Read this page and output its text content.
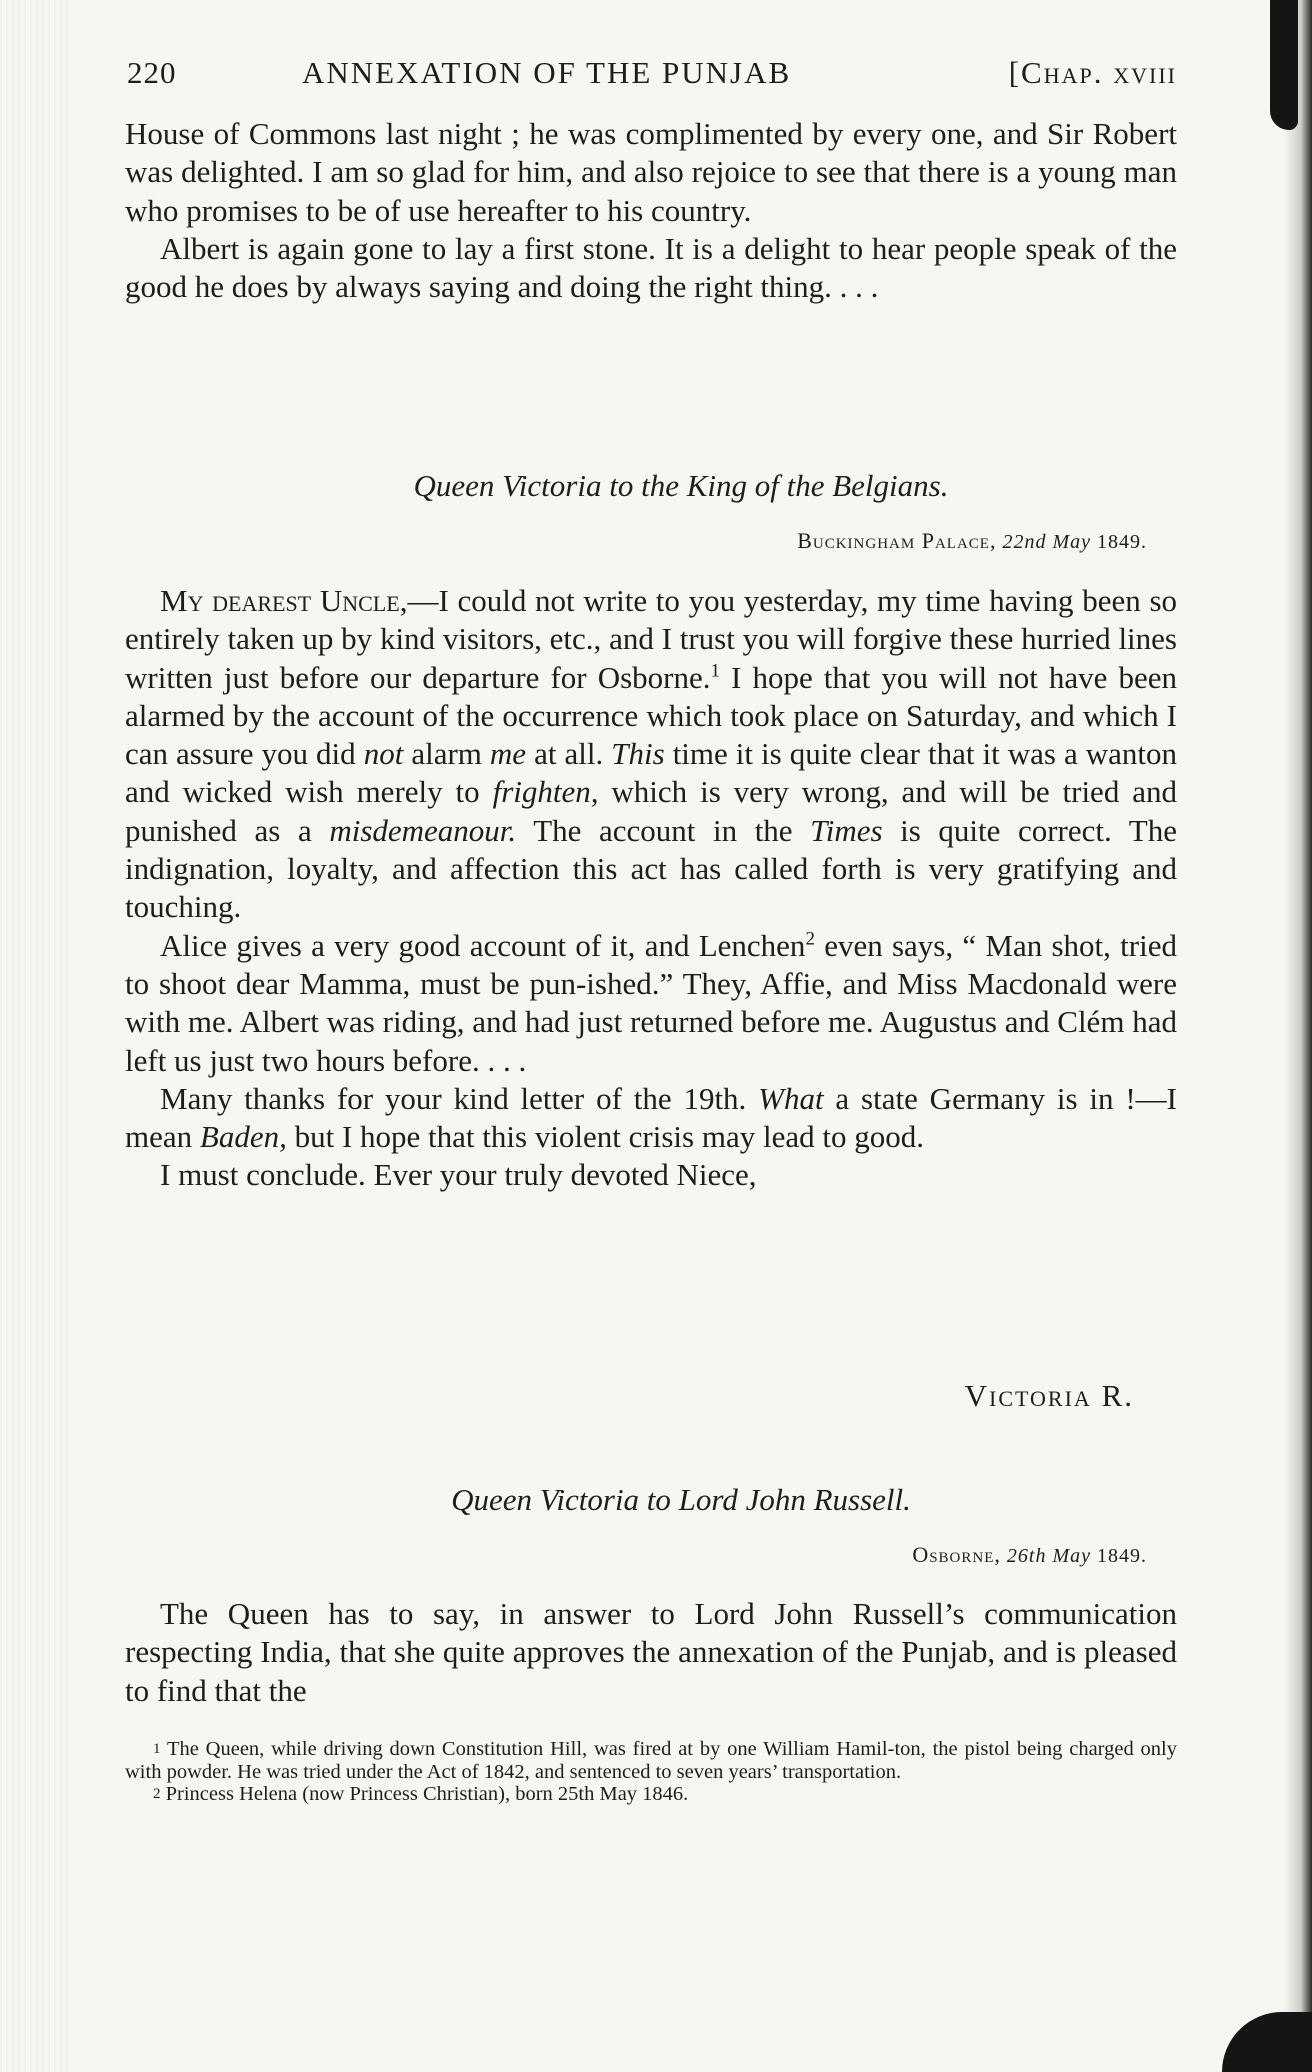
220	ANNEXATION OF THE PUNJAB	[Chap. xviii

House of Commons last night ; he was complimented by every one, and Sir Robert was delighted. I am so glad for him, and also rejoice to see that there is a young man who promises to be of use hereafter to his country.

Albert is again gone to lay a first stone. It is a delight to hear people speak of the good he does by always saying and doing the right thing. . . .

Queen Victoria to the King of the Belgians.
Buckingham Palace, 22nd May 1849.

My dearest Uncle,—I could not write to you yesterday, my time having been so entirely taken up by kind visitors, etc., and I trust you will forgive these hurried lines written just before our departure for Osborne.$^1$ I hope that you will not have been alarmed by the account of the occurrence which took place on Saturday, and which I can assure you did not alarm me at all. This time it is quite clear that it was a wanton and wicked wish merely to frighten, which is very wrong, and will be tried and punished as a misdemeanour. The account in the Times is quite correct. The indignation, loyalty, and affection this act has called forth is very gratifying and touching.

Alice gives a very good account of it, and Lenchen$^2$ even says, “ Man shot, tried to shoot dear Mamma, must be pun-ished.” They, Affie, and Miss Macdonald were with me. Albert was riding, and had just returned before me. Augustus and Clém had left us just two hours before. . . .

Many thanks for your kind letter of the 19th. What a state Germany is in !—I mean Baden, but I hope that this violent crisis may lead to good.

I must conclude. Ever your truly devoted Niece,

Victoria R.
Queen Victoria to Lord John Russell.
Osborne, 26th May 1849.

The Queen has to say, in answer to Lord John Russell’s communication respecting India, that she quite approves the annexation of the Punjab, and is pleased to find that the

1 The Queen, while driving down Constitution Hill, was fired at by one William Hamil-ton, the pistol being charged only with powder. He was tried under the Act of 1842, and sentenced to seven years’ transportation.

2 Princess Helena (now Princess Christian), born 25th May 1846.
